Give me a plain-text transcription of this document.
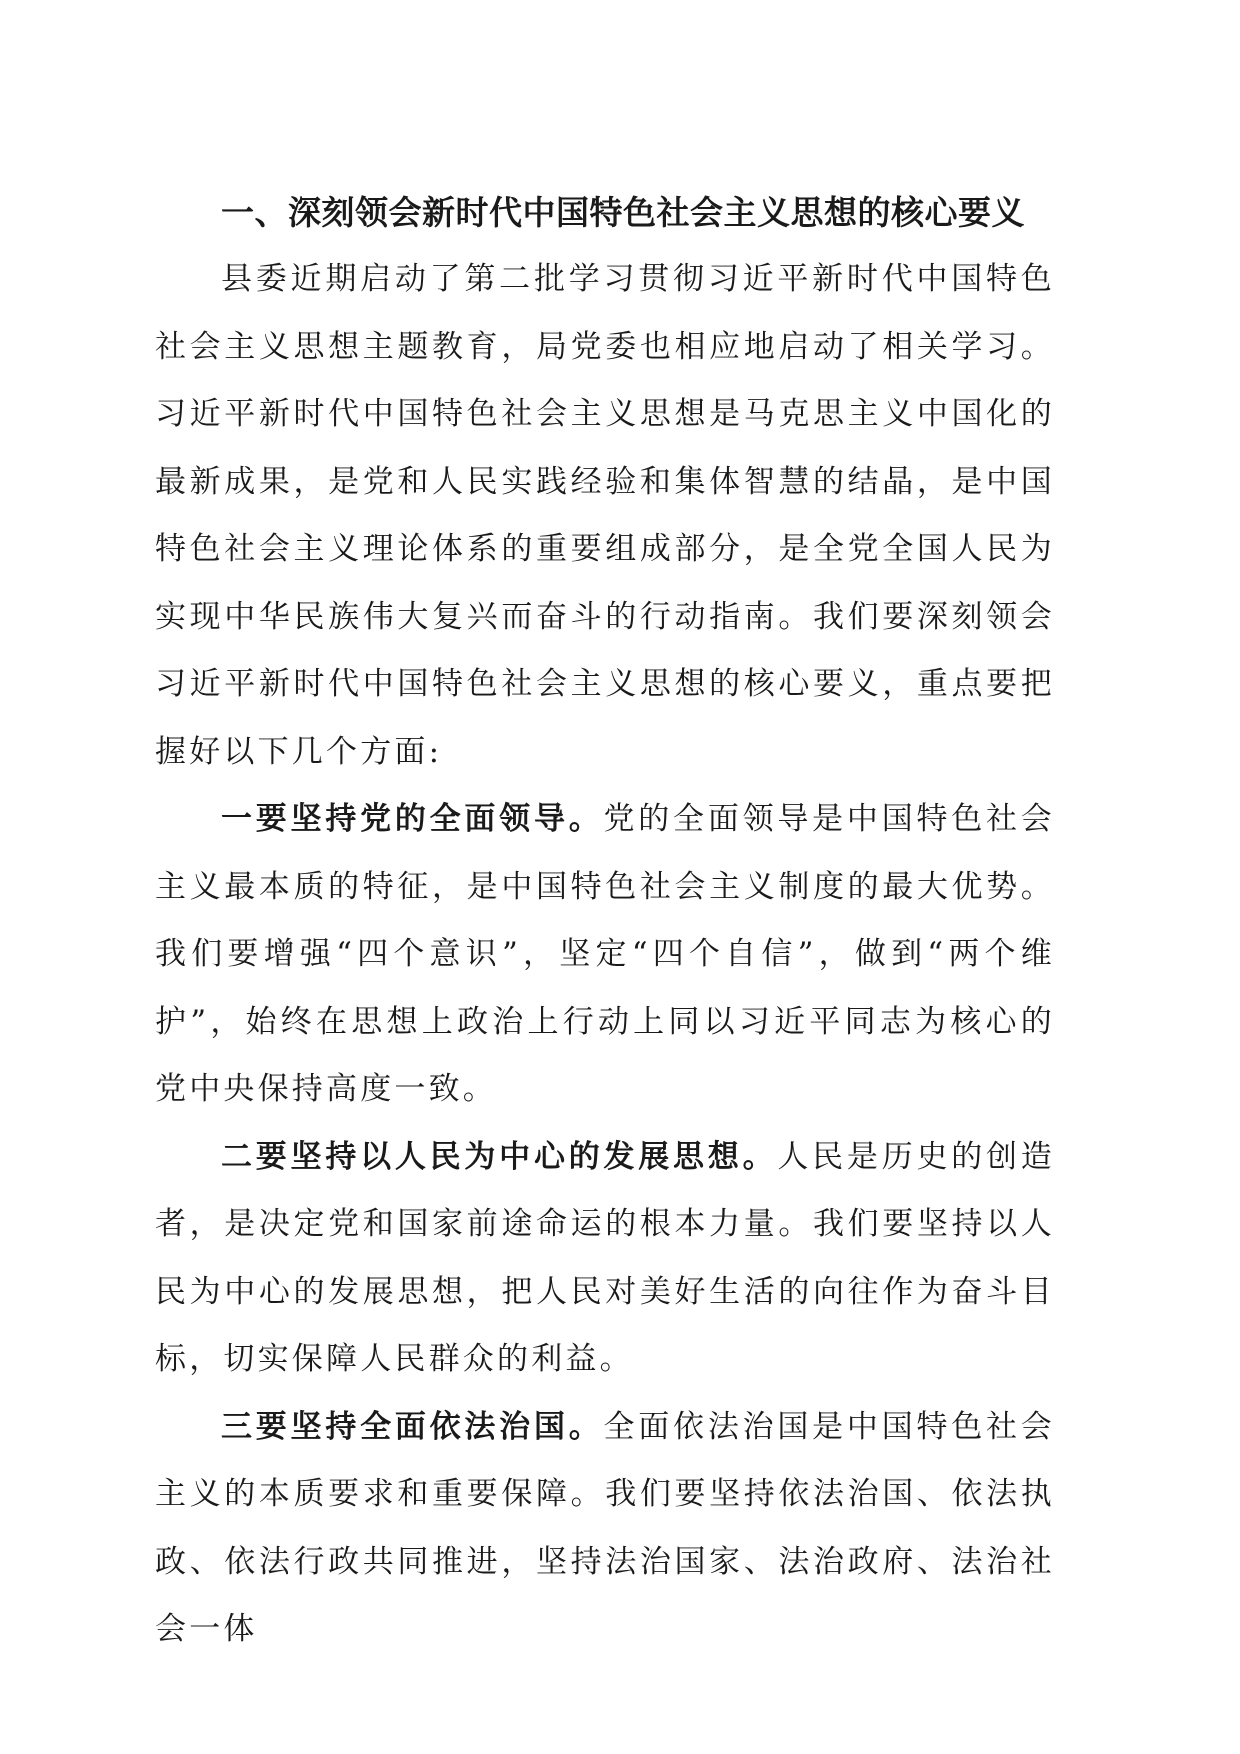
一、深刻领会新时代中国特色社会主义思想的核心要义

县委近期启动了第二批学习贯彻习近平新时代中国特色社会主义思想主题教育，局党委也相应地启动了相关学习。习近平新时代中国特色社会主义思想是马克思主义中国化的最新成果，是党和人民实践经验和集体智慧的结晶，是中国特色社会主义理论体系的重要组成部分，是全党全国人民为实现中华民族伟大复兴而奋斗的行动指南。我们要深刻领会习近平新时代中国特色社会主义思想的核心要义，重点要把握好以下几个方面:

一要坚持党的全面领导。党的全面领导是中国特色社会主义最本质的特征，是中国特色社会主义制度的最大优势。我们要增强“四个意识”，坚定“四个自信”，做到“两个维护”，始终在思想上政治上行动上同以习近平同志为核心的党中央保持高度一致。

二要坚持以人民为中心的发展思想。人民是历史的创造者，是决定党和国家前途命运的根本力量。我们要坚持以人民为中心的发展思想，把人民对美好生活的向往作为奋斗目标，切实保障人民群众的利益。

三要坚持全面依法治国。全面依法治国是中国特色社会主义的本质要求和重要保障。我们要坚持依法治国、依法执政、依法行政共同推进，坚持法治国家、法治政府、法治社会一体
